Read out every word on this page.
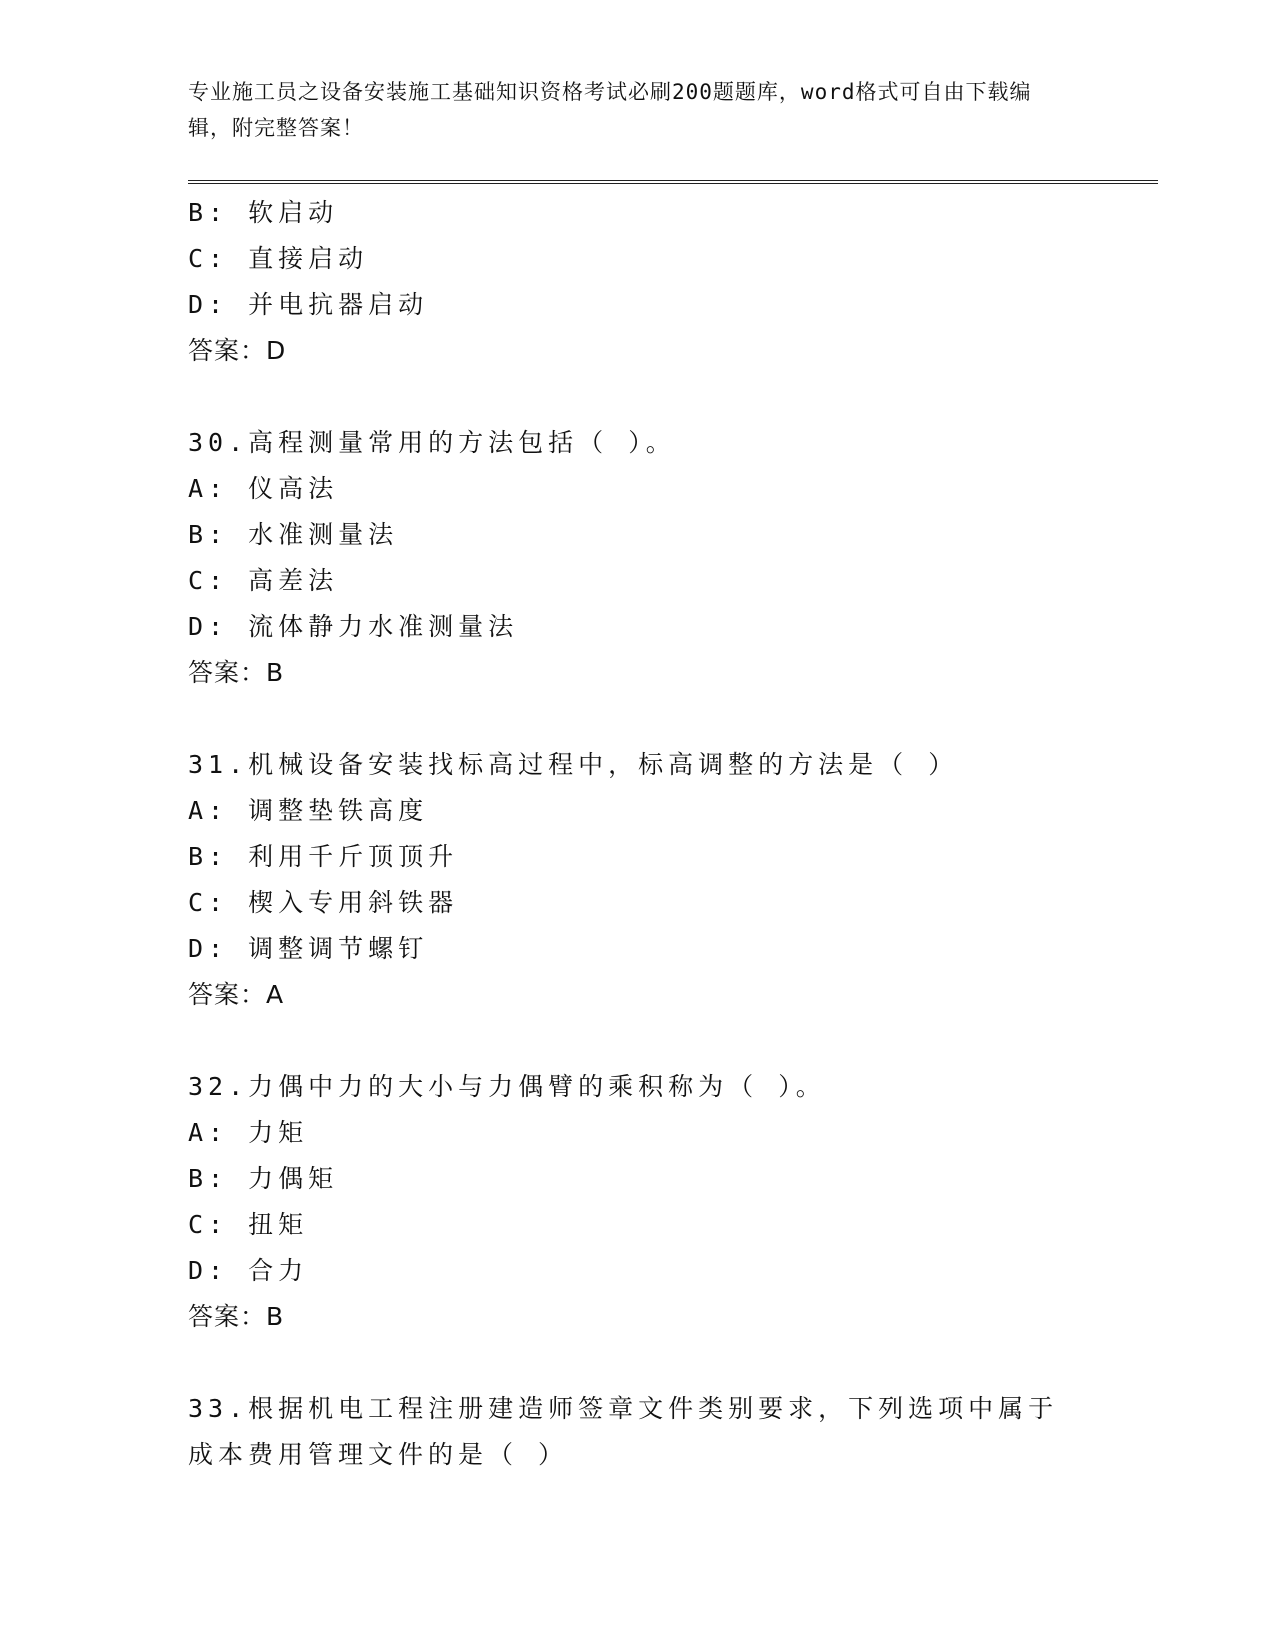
专业施工员之设备安装施工基础知识资格考试必刷200题题库，word格式可自由下载编辑，附完整答案！
B: 软启动
C: 直接启动
D: 并电抗器启动
答案：D
30.高程测量常用的方法包括（ ）。
A: 仪高法
B: 水准测量法
C: 高差法
D: 流体静力水准测量法
答案：B
31.机械设备安装找标高过程中，标高调整的方法是（ ）
A: 调整垫铁高度
B: 利用千斤顶顶升
C: 楔入专用斜铁器
D: 调整调节螺钉
答案：A
32.力偶中力的大小与力偶臂的乘积称为（ ）。
A: 力矩
B: 力偶矩
C: 扭矩
D: 合力
答案：B
33.根据机电工程注册建造师签章文件类别要求，下列选项中属于成本费用管理文件的是（ ）
